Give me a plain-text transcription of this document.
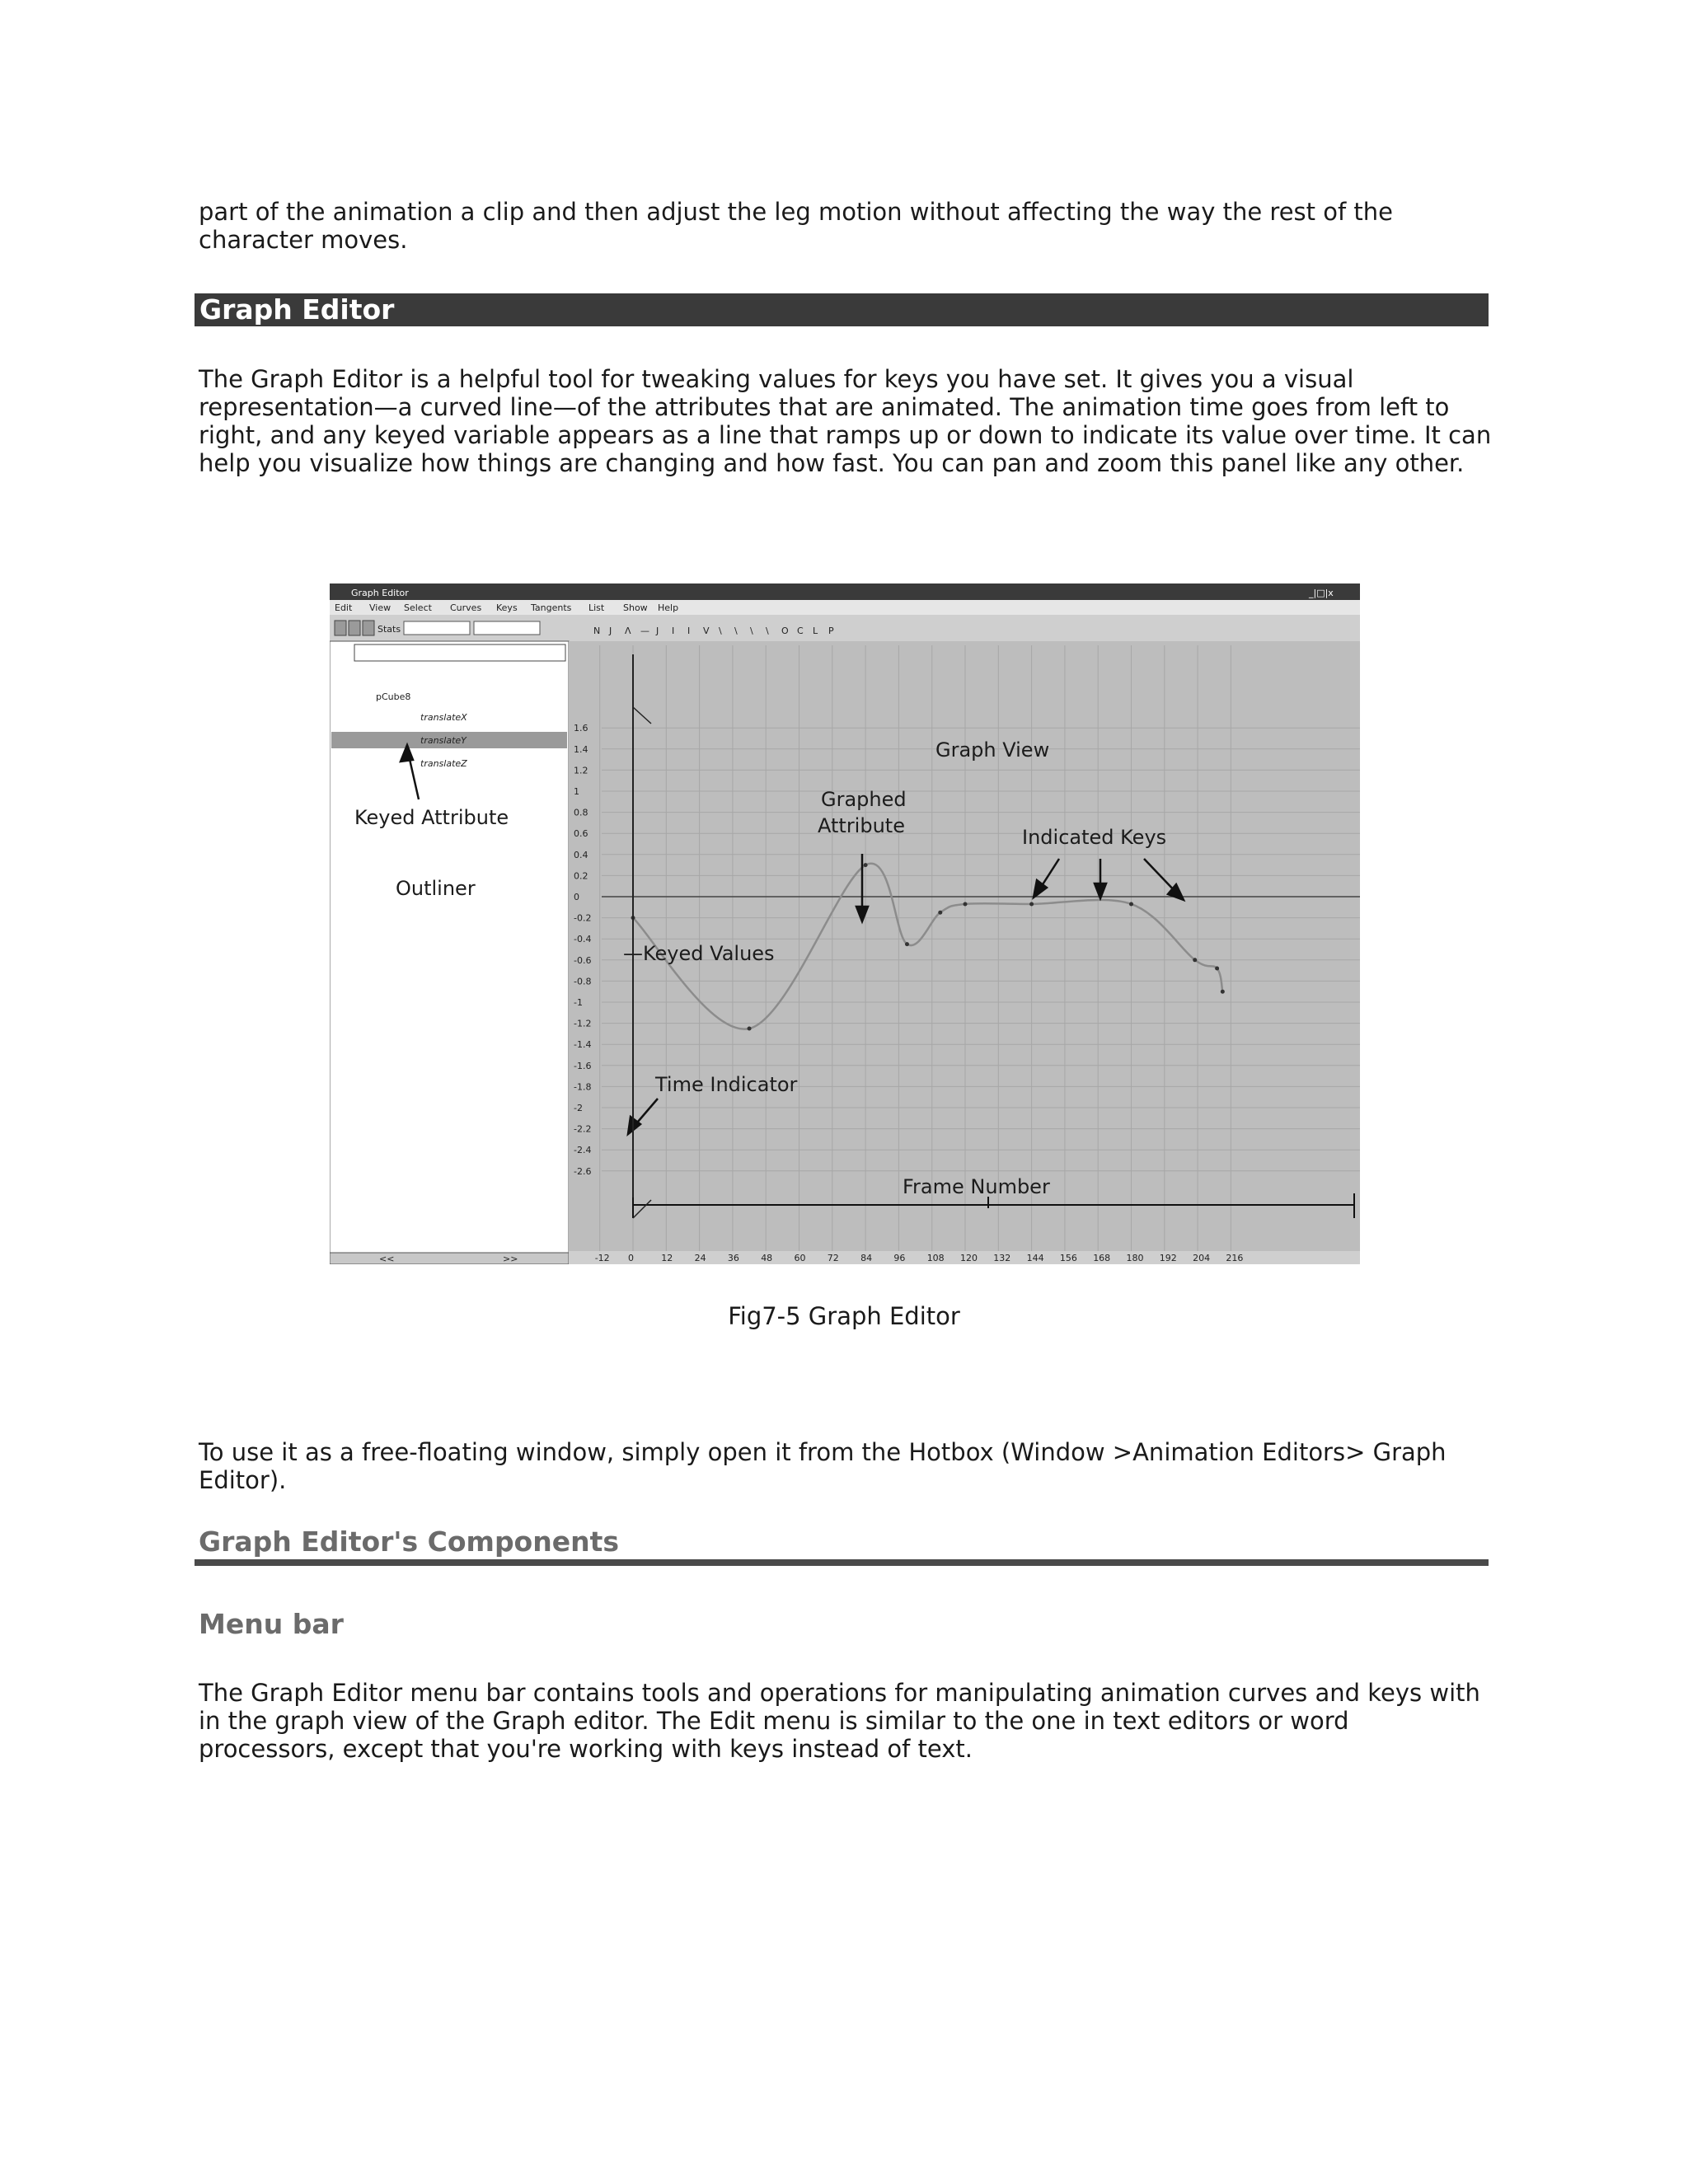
part of the animation a clip and then adjust the leg motion without affecting the way the rest of the character moves.

Graph Editor

The Graph Editor is a helpful tool for tweaking values for keys you have set. It gives you a visual representation—a curved line—of the attributes that are animated. The animation time goes from left to right, and any keyed variable appears as a line that ramps up or down to indicate its value over time. It can help you visualize how things are changing and how fast. You can pan and zoom this panel like any other.

Graph Editor	_|□|x
Edit View Select Curves Keys Tangents List Show Help
Stats	N J Λ — J I I V \ \ \ \ O C L P
pCube8
translateX
translateY
translateZ
<<	>>
1.6
1.4
1.2
1
0.8
0.6
0.4
0.2
0
-0.2
-0.4
-0.6
-0.8
-1
-1.2
-1.4
-1.6
-1.8
-2
-2.2
-2.4
-2.6
-12 0	12 24 36 48 60 72 84 96 108 120 132 144 156 168 180 192 204 216
Graph View
Graphed
Attribute	Indicated Keys
—Keyed Values
Time Indicator
Frame Number
Keyed Attribute
Outliner
Fig7-5 Graph Editor

To use it as a free-floating window, simply open it from the Hotbox (Window >Animation Editors> Graph Editor).

Graph Editor's Components
Menu bar

The Graph Editor menu bar contains tools and operations for manipulating animation curves and keys with in the graph view of the Graph editor. The Edit menu is similar to the one in text editors or word processors, except that you're working with keys instead of text.
